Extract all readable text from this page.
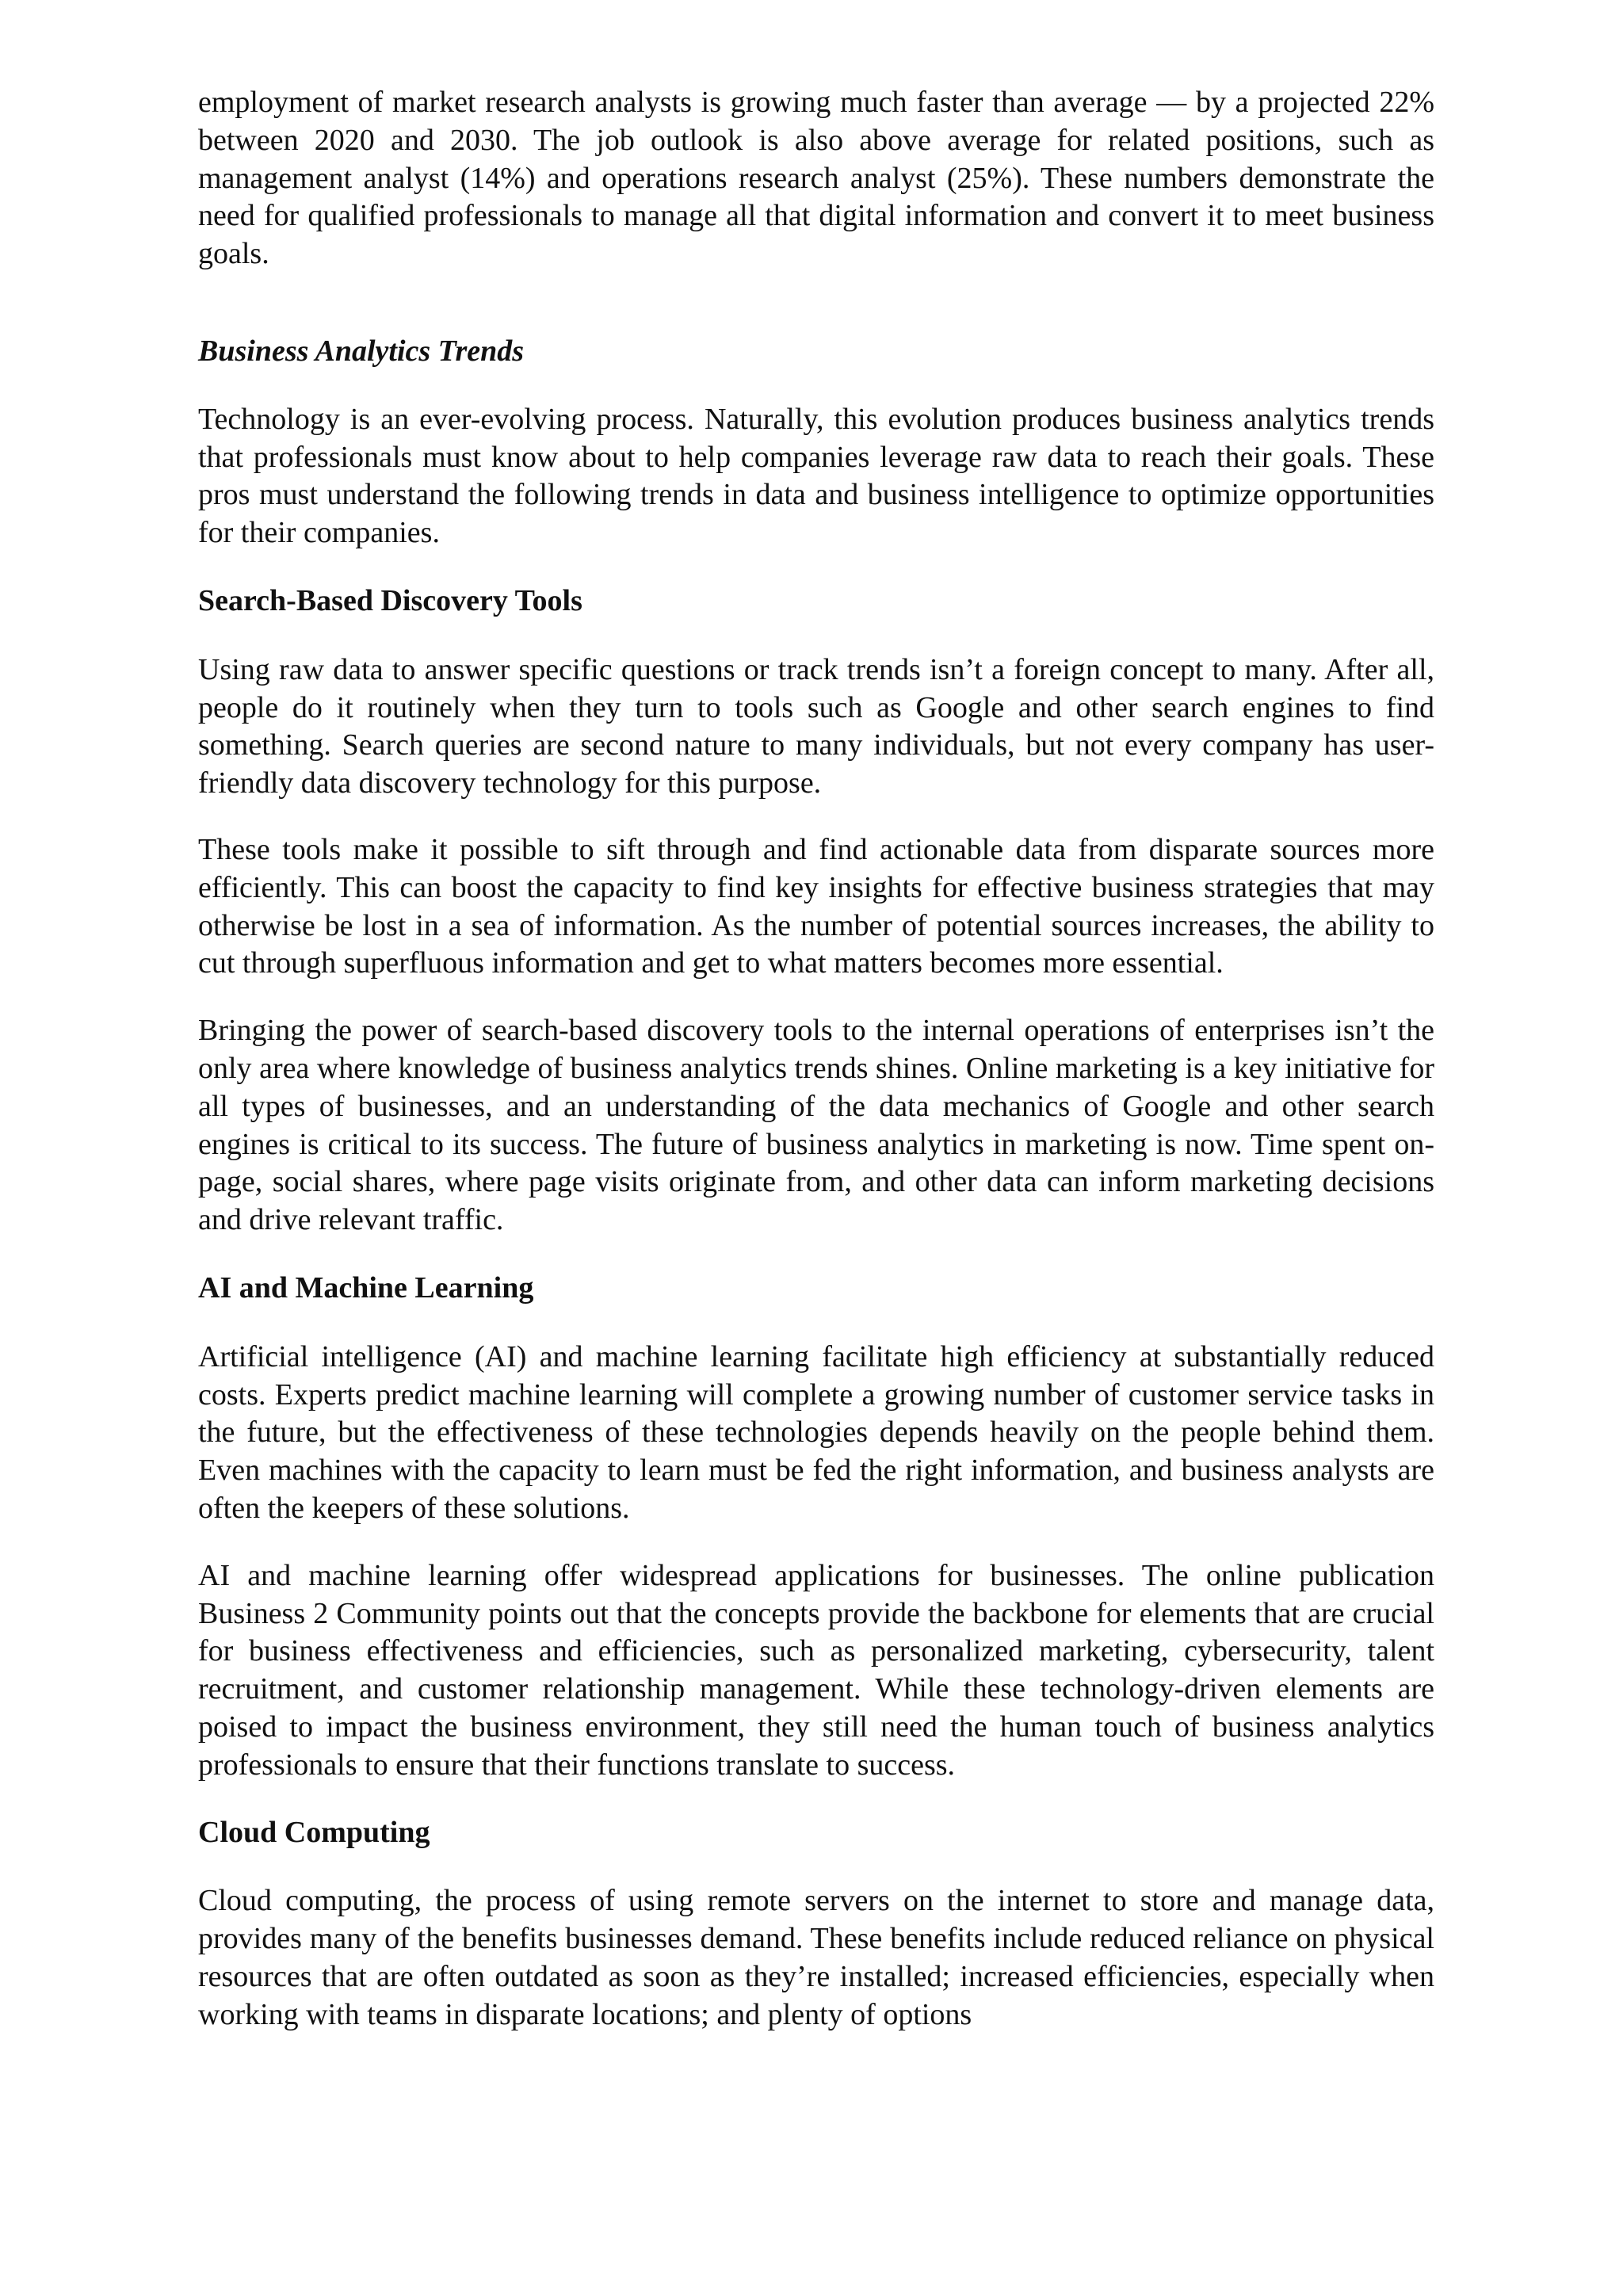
employment of market research analysts is growing much faster than average — by a projected 22% between 2020 and 2030. The job outlook is also above average for related positions, such as management analyst (14%) and operations research analyst (25%). These numbers demonstrate the need for qualified professionals to manage all that digital information and convert it to meet business goals.

Business Analytics Trends

Technology is an ever-evolving process. Naturally, this evolution produces business analytics trends that professionals must know about to help companies leverage raw data to reach their goals. These pros must understand the following trends in data and business intelligence to optimize opportunities for their companies.

Search-Based Discovery Tools

Using raw data to answer specific questions or track trends isn’t a foreign concept to many. After all, people do it routinely when they turn to tools such as Google and other search engines to find something. Search queries are second nature to many individuals, but not every company has user-friendly data discovery technology for this purpose.

These tools make it possible to sift through and find actionable data from disparate sources more efficiently. This can boost the capacity to find key insights for effective business strategies that may otherwise be lost in a sea of information. As the number of potential sources increases, the ability to cut through superfluous information and get to what matters becomes more essential.

Bringing the power of search-based discovery tools to the internal operations of enterprises isn’t the only area where knowledge of business analytics trends shines. Online marketing is a key initiative for all types of businesses, and an understanding of the data mechanics of Google and other search engines is critical to its success. The future of business analytics in marketing is now. Time spent on-page, social shares, where page visits originate from, and other data can inform marketing decisions and drive relevant traffic.

AI and Machine Learning

Artificial intelligence (AI) and machine learning facilitate high efficiency at substantially reduced costs. Experts predict machine learning will complete a growing number of customer service tasks in the future, but the effectiveness of these technologies depends heavily on the people behind them. Even machines with the capacity to learn must be fed the right information, and business analysts are often the keepers of these solutions.

AI and machine learning offer widespread applications for businesses. The online publication Business 2 Community points out that the concepts provide the backbone for elements that are crucial for business effectiveness and efficiencies, such as personalized marketing, cybersecurity, talent recruitment, and customer relationship management. While these technology-driven elements are poised to impact the business environment, they still need the human touch of business analytics professionals to ensure that their functions translate to success.

Cloud Computing

Cloud computing, the process of using remote servers on the internet to store and manage data, provides many of the benefits businesses demand. These benefits include reduced reliance on physical resources that are often outdated as soon as they’re installed; increased efficiencies, especially when working with teams in disparate locations; and plenty of options
